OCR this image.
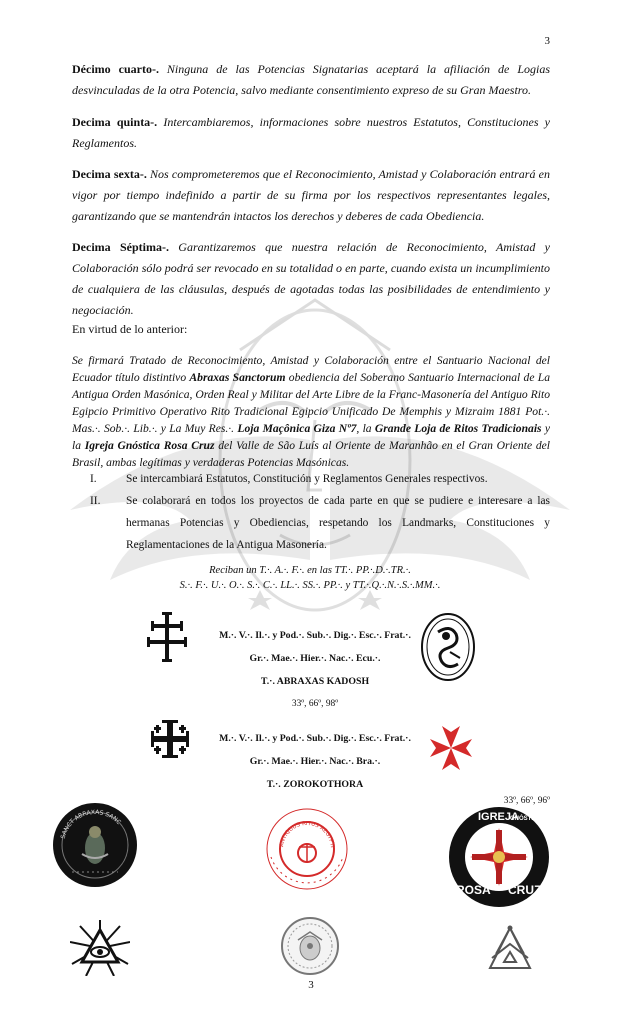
3

Décimo cuarto-. Ninguna de las Potencias Signatarias aceptará la afiliación de Logias desvinculadas de la otra Potencia, salvo mediante consentimiento expreso de su Gran Maestro.

Decima quinta-. Intercambiaremos, informaciones sobre nuestros Estatutos, Constituciones y Reglamentos.

Decima sexta-. Nos comprometeremos que el Reconocimiento, Amistad y Colaboración entrará en vigor por tiempo indefinido a partir de su firma por los respectivos representantes legales, garantizando que se mantendrán intactos los derechos y deberes de cada Obediencia.

Decima Séptima-. Garantizaremos que nuestra relación de Reconocimiento, Amistad y Colaboración sólo podrá ser revocado en su totalidad o en parte, cuando exista un incumplimiento de cualquiera de las cláusulas, después de agotadas todas las posibilidades de entendimiento y negociación.

En virtud de lo anterior:

Se firmará Tratado de Reconocimiento, Amistad y Colaboración entre el Santuario Nacional del Ecuador título distintivo Abraxas Sanctorum obediencia del Soberano Santuario Internacional de La Antigua Orden Masónica, Orden Real y Militar del Arte Libre de la Franc-Masonería del Antiguo Rito Egipcio Primitivo Operativo Rito Tradicional Egipcio Unificado De Memphis y Mizraim 1881 Pot.·. Mas.·. Sob.·. Lib.·. y La Muy Res.·. Loja Maçônica Giza Nº7, la Grande Loja de Ritos Tradicionais y la Igreja Gnóstica Rosa Cruz del Valle de São Luís al Oriente de Maranhão en el Gran Oriente del Brasil, ambas legítimas y verdaderas Potencias Masónicas.

I.	Se intercambiará Estatutos, Constitución y Reglamentos Generales respectivos.
II.	Se colaborará en todos los proyectos de cada parte en que se pudiere e interesare a las hermanas Potencias y Obediencias, respetando los Landmarks, Constituciones y Reglamentaciones de la Antigua Masonería.
Reciban un T.·. A.·. F.·. en las TT.·. PP.·.D.·.TR.·.
S.·. F.·. U.·. O.·. S.·. C.·. LL.·. SS.·. PP.·. y TT.·.Q.·.N.·.S.·.MM.·.
M.·. V.·. Il.·. y Pod.·. Sub.·. Dig.·. Esc.·. Frat.·.
Gr.·. Mae.·. Hier.·. Nac.·. Ecu.·.
T.·. ABRAXAS KADOSH
33º, 66º, 98º
M.·. V.·. Il.·. y Pod.·. Sub.·. Dig.·. Esc.·. Frat.·.
Gr.·. Mae.·. Hier.·. Nac.·. Bra.·.
T.·. ZOROKOTHORA
33º, 66º, 96º
SANCT ABRAXAS SANC
ANTIQUUS RITUS AEGYPTI
IGREJA
GNÓSTICA
ROSA CRUZ
3
